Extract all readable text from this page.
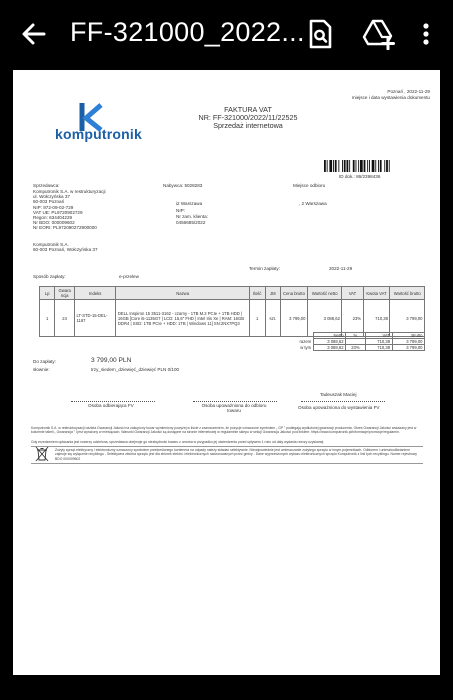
FF-321000_2022...
Poznań , 2022-11-29
miejsce i data wystawienia dokumentu
komputronik
FAKTURA VAT
NR: FF-321000/2022/11/22525
Sprzedaż internetowa
ID dok.: 86/2398436
Sprzedawca:
Komputronik S.A. w restrukturyzacji
ul. Wołczyńska 37
60-003 Poznań
NIP: 972-09-02-729
VAT UE: PL9720902729
Regon: 634404229
Nr BDO: 000009602
Nr EORI: PL972090272900000
Komputronik S.A.
60-003 Poznań, Wołczyńska 37
Nabywca: 5028283
i2 Warszawa
NIP:
Nr zam. klienta:
0456685/2022
Miejsce odbioru
, 2 Warszawa
Termin zapłaty:	2022-11-29
Sposób zapłaty:	e-przelew
Lp	Gwara ncja	Indeks	Nazwa	Ilość	JM	Cena brutto	Wartość netto	VAT	Kwota VAT	Wartość brutto
1	24	LT-STD-15-DEL-1167	DELL Inspiron 15 3511-3162 - czarny - 1TB M.2 PCIe + 1TB HDD | 16GB [Core i5-1135G7 | LCD: 15,6" FHD | Intel Iris Xe | RAM: 16GB DDR4 | SSD: 1TB PCIe + HDD: 1TB | Windows 11] SN:2NX7PQ3	1	szt.	3 799,00	3 088,62	23%	710,38	3 799,00
	Netto	%	VAT	Brutto
razem	3 088,62		710,38	3 799,00
w tym	3 088,62	23%	710,38	3 799,00
Do zapłaty:	3 799,00 PLN
słownie:	trzy_siedem_dziewięć_dziewięć PLN 0/100
Tadeuszak Maciej
Osoba odbierająca FV	Osoba upoważniona do odbioru towaru
Osoba upoważniona do wystawienia FV
Komputronik S.A. w restrukturyzacji udziela Gwarancji Jakości na zakupiony towar wymieniony powyżej w liście z zaznaczeniem, że pozycje oznaczone symbolem „ GP ” podlegają wydłużonej gwarancji producenta. Okres Gwarancji Jakości wskazany jest w kolumnie tabeli „ Gwarancja ” i jest wyrażony w miesiącach. Warunki Gwarancji Jakości są dostępne na stronie internetowej w regulaminie sklepu w sekcji Gwarancja Jakości pod linkiem: https://www.komputronik.pl/informacje/promocje/regulamin.
Gdy erzedzeniem opłacania jest rowerzy udzielona, uprzedawca obejmuje go niezbędność towaru z umowa w przypadku jej otwierdzenia przed upływem 1 roku od daty wydania rzeczy uzyskanej.
Zużyty sprzęt elektryczny i elektroniczny oznaczony symbolem przekreślonego kontenera na odpady należy składać selektywnie. Nieodpowiednie jest umieszczanie zużytego sprzętu w innym pojemnikach. Odbiorem i unieszkodliwianiem zajmuje się wyłącznie recyklingu - Selektywna zbiórka sprzętu jest dla zbiórek elektro i elektronicznych nadzorowanych przez gminy - Dane wyprzedzonych wykazu elektronicznych sprzętu Komputronik z linii tych recyklingu. Numer rejestrowy BDO 000009602
